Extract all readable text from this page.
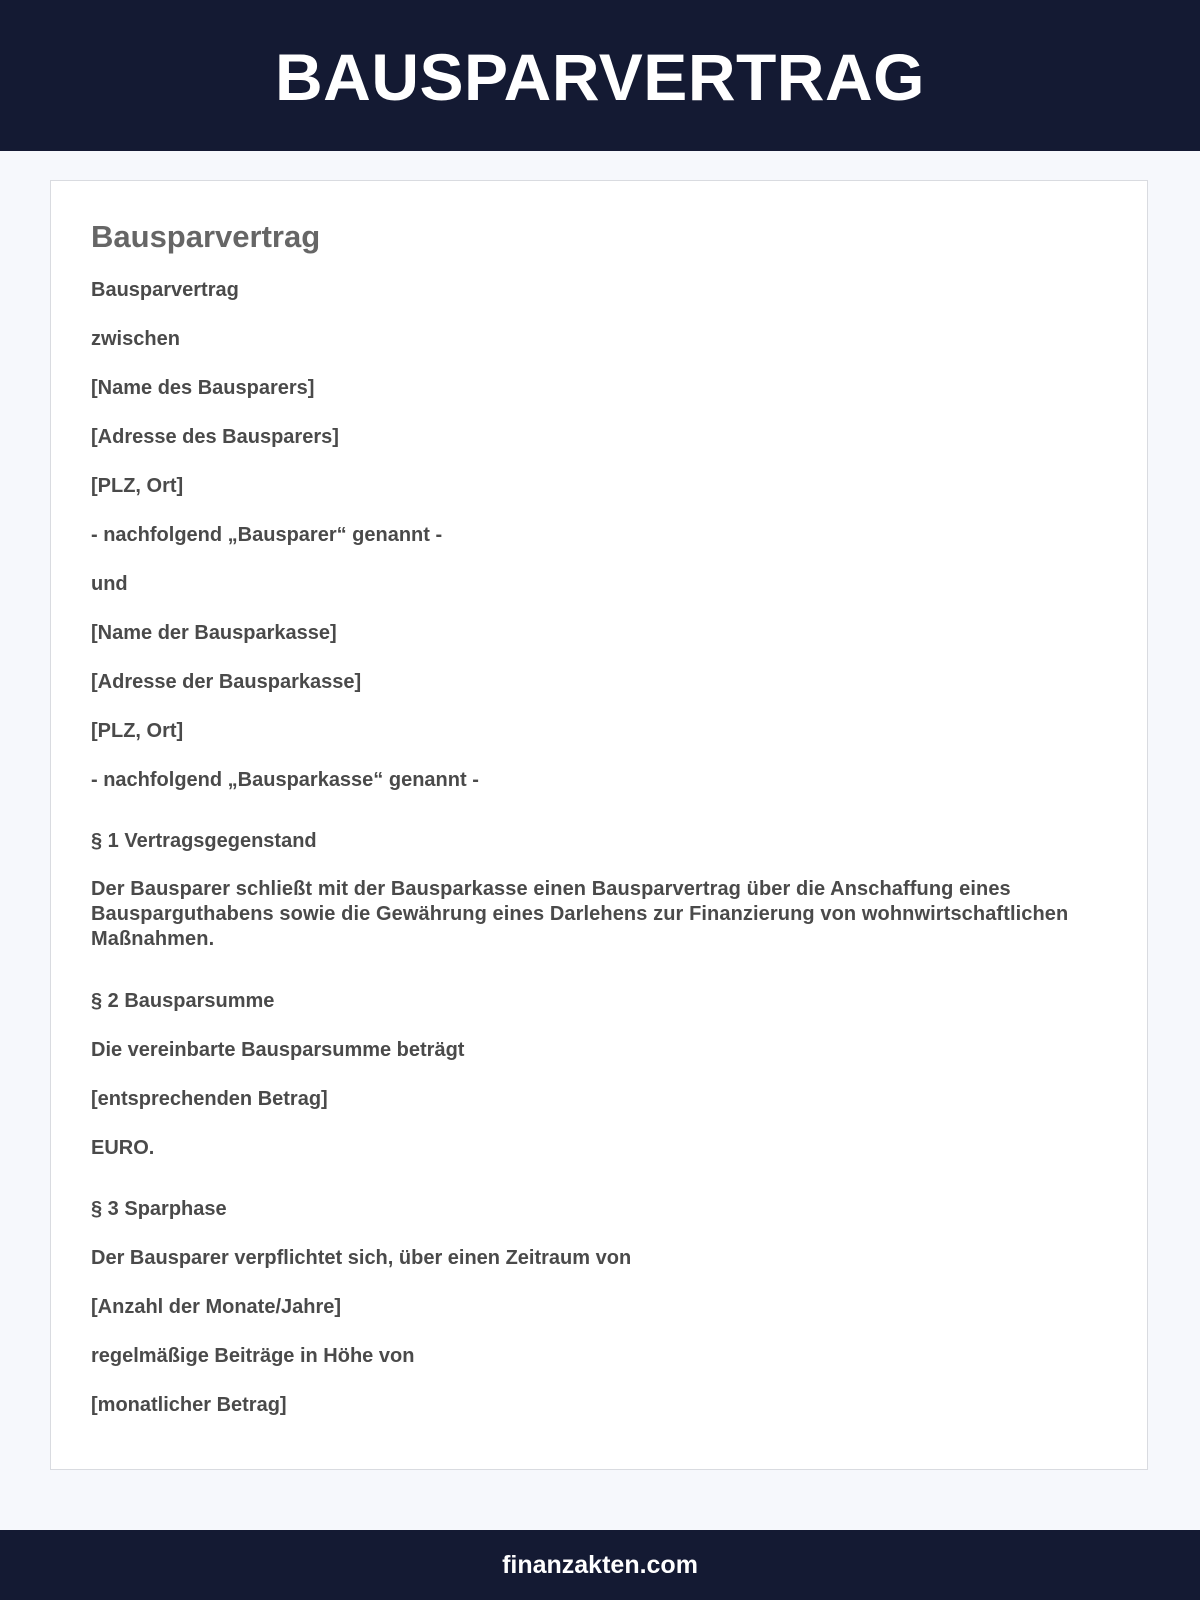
BAUSPARVERTRAG
Bausparvertrag

Bausparvertrag

zwischen

[Name des Bausparers]

[Adresse des Bausparers]

[PLZ, Ort]

- nachfolgend „Bausparer“ genannt -

und

[Name der Bausparkasse]

[Adresse der Bausparkasse]

[PLZ, Ort]

- nachfolgend „Bausparkasse“ genannt -

§ 1 Vertragsgegenstand

Der Bausparer schließt mit der Bausparkasse einen Bausparvertrag über die Anschaffung eines Bausparguthabens sowie die Gewährung eines Darlehens zur Finanzierung von wohnwirtschaftlichen Maßnahmen.

§ 2 Bausparsumme

Die vereinbarte Bausparsumme beträgt

[entsprechenden Betrag]

EURO.

§ 3 Sparphase

Der Bausparer verpflichtet sich, über einen Zeitraum von

[Anzahl der Monate/Jahre]

regelmäßige Beiträge in Höhe von

[monatlicher Betrag]

finanzakten.com
